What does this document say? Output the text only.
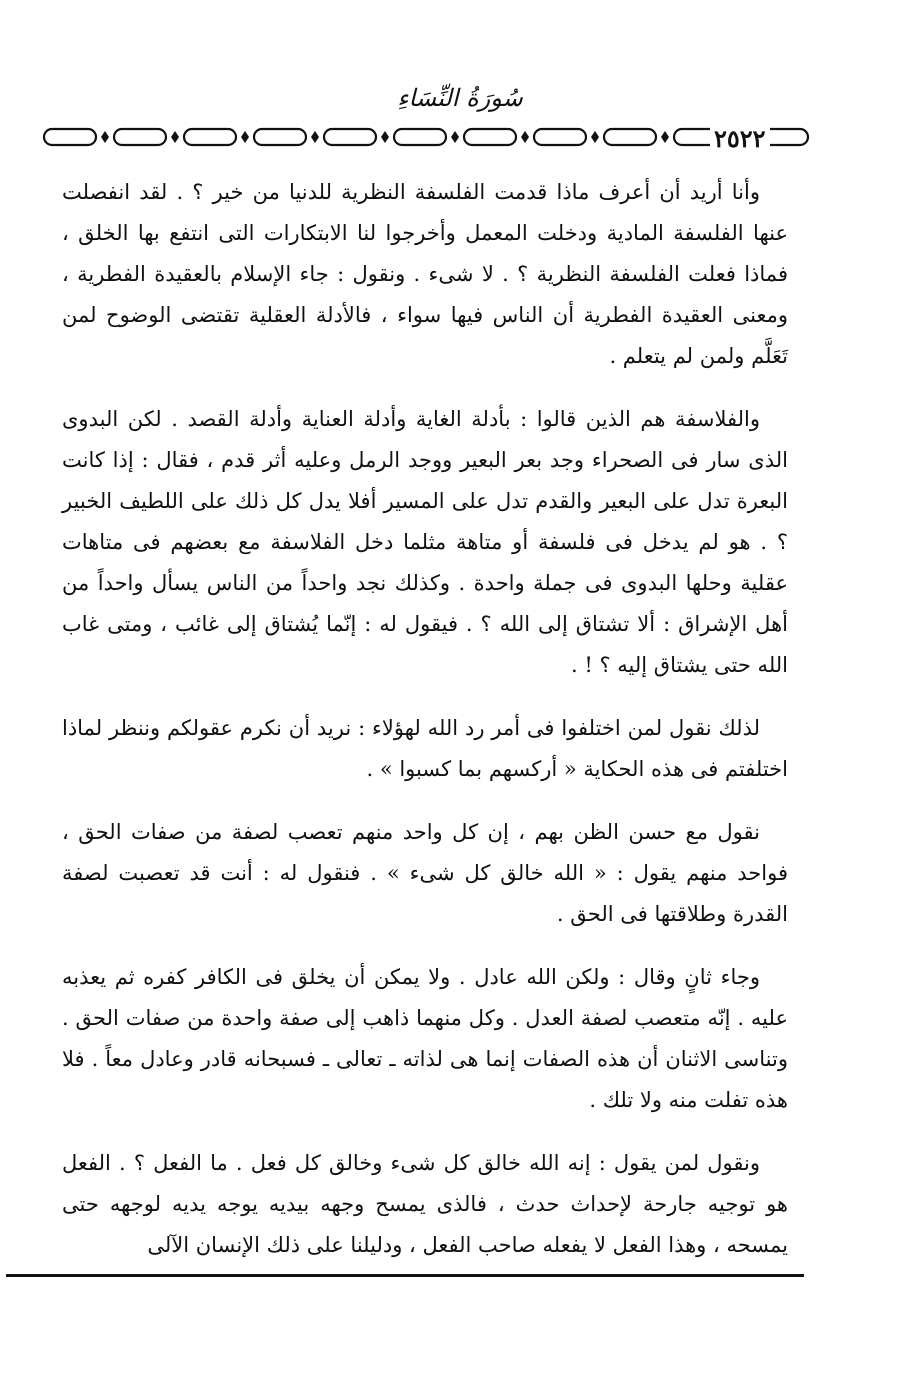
سُورَةُ النِّسَاءِ
٢٥٢٢

وأنا أريد أن أعرف ماذا قدمت الفلسفة النظرية للدنيا من خير ؟ . لقد انفصلت عنها الفلسفة المادية ودخلت المعمل وأخرجوا لنا الابتكارات التى انتفع بها الخلق ، فماذا فعلت الفلسفة النظرية ؟ . لا شىء . ونقول : جاء الإسلام بالعقيدة الفطرية ، ومعنى العقيدة الفطرية أن الناس فيها سواء ، فالأدلة العقلية تقتضى الوضوح لمن تَعَلَّم ولمن لم يتعلم .

والفلاسفة هم الذين قالوا : بأدلة الغاية وأدلة العناية وأدلة القصد . لكن البدوى الذى سار فى الصحراء وجد بعر البعير ووجد الرمل وعليه أثر قدم ، فقال : إذا كانت البعرة تدل على البعير والقدم تدل على المسير أفلا يدل كل ذلك على اللطيف الخبير ؟ . هو لم يدخل فى فلسفة أو متاهة مثلما دخل الفلاسفة مع بعضهم فى متاهات عقلية وحلها البدوى فى جملة واحدة . وكذلك نجد واحداً من الناس يسأل واحداً من أهل الإشراق : ألا تشتاق إلى الله ؟ . فيقول له : إنّما يُشتاق إلى غائب ، ومتى غاب الله حتى يشتاق إليه ؟ ! .

لذلك نقول لمن اختلفوا فى أمر رد الله لهؤلاء : نريد أن نكرم عقولكم وننظر لماذا اختلفتم فى هذه الحكاية « أركسهم بما كسبوا » .

نقول مع حسن الظن بهم ، إن كل واحد منهم تعصب لصفة من صفات الحق ، فواحد منهم يقول : « الله خالق كل شىء » . فنقول له : أنت قد تعصبت لصفة القدرة وطلاقتها فى الحق .

وجاء ثانٍ وقال : ولكن الله عادل . ولا يمكن أن يخلق فى الكافر كفره ثم يعذبه عليه . إنّه متعصب لصفة العدل . وكل منهما ذاهب إلى صفة واحدة من صفات الحق . وتناسى الاثنان أن هذه الصفات إنما هى لذاته ـ تعالى ـ فسبحانه قادر وعادل معاً . فلا هذه تفلت منه ولا تلك .

ونقول لمن يقول : إنه الله خالق كل شىء وخالق كل فعل . ما الفعل ؟ . الفعل هو توجيه جارحة لإحداث حدث ، فالذى يمسح وجهه بيديه يوجه يديه لوجهه حتى يمسحه ، وهذا الفعل لا يفعله صاحب الفعل ، ودليلنا على ذلك الإنسان الآلى
